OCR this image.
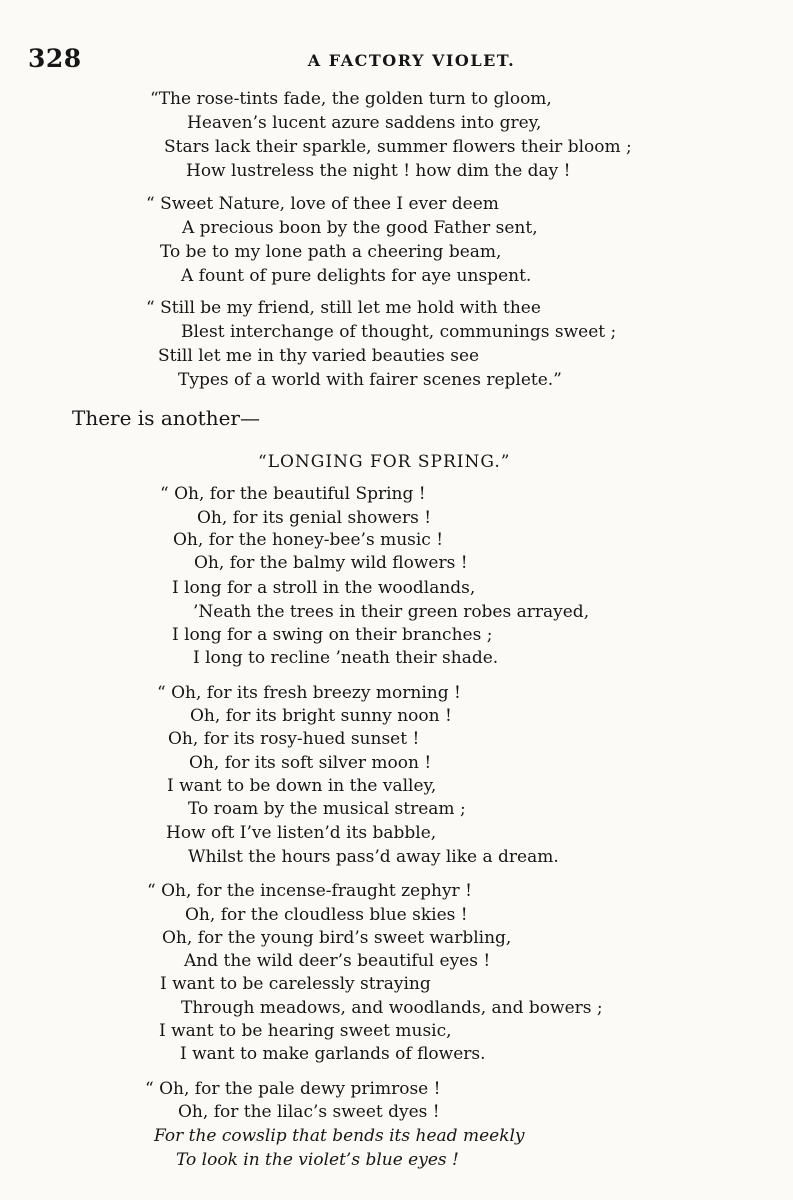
328	A FACTORY VIOLET.
“The rose-tints fade, the golden turn to gloom,
Heaven’s lucent azure saddens into grey,
Stars lack their sparkle, summer flowers their bloom ;
How lustreless the night ! how dim the day !
“ Sweet Nature, love of thee I ever deem
A precious boon by the good Father sent,
To be to my lone path a cheering beam,
A fount of pure delights for aye unspent.
“ Still be my friend, still let me hold with thee
Blest interchange of thought, communings sweet ;
Still let me in thy varied beauties see
Types of a world with fairer scenes replete.”
There is another—
“LONGING FOR SPRING.”
“ Oh, for the beautiful Spring !
Oh, for its genial showers !
Oh, for the honey-bee’s music !
Oh, for the balmy wild flowers !
I long for a stroll in the woodlands,
’Neath the trees in their green robes arrayed,
I long for a swing on their branches ;
I long to recline ’neath their shade.
“ Oh, for its fresh breezy morning !
Oh, for its bright sunny noon !
Oh, for its rosy-hued sunset !
Oh, for its soft silver moon !
I want to be down in the valley,
To roam by the musical stream ;
How oft I’ve listen’d its babble,
Whilst the hours pass’d away like a dream.
“ Oh, for the incense-fraught zephyr !
Oh, for the cloudless blue skies !
Oh, for the young bird’s sweet warbling,
And the wild deer’s beautiful eyes !
I want to be carelessly straying
Through meadows, and woodlands, and bowers ;
I want to be hearing sweet music,
I want to make garlands of flowers.
“ Oh, for the pale dewy primrose !
Oh, for the lilac’s sweet dyes !
For the cowslip that bends its head meekly
To look in the violet’s blue eyes !
